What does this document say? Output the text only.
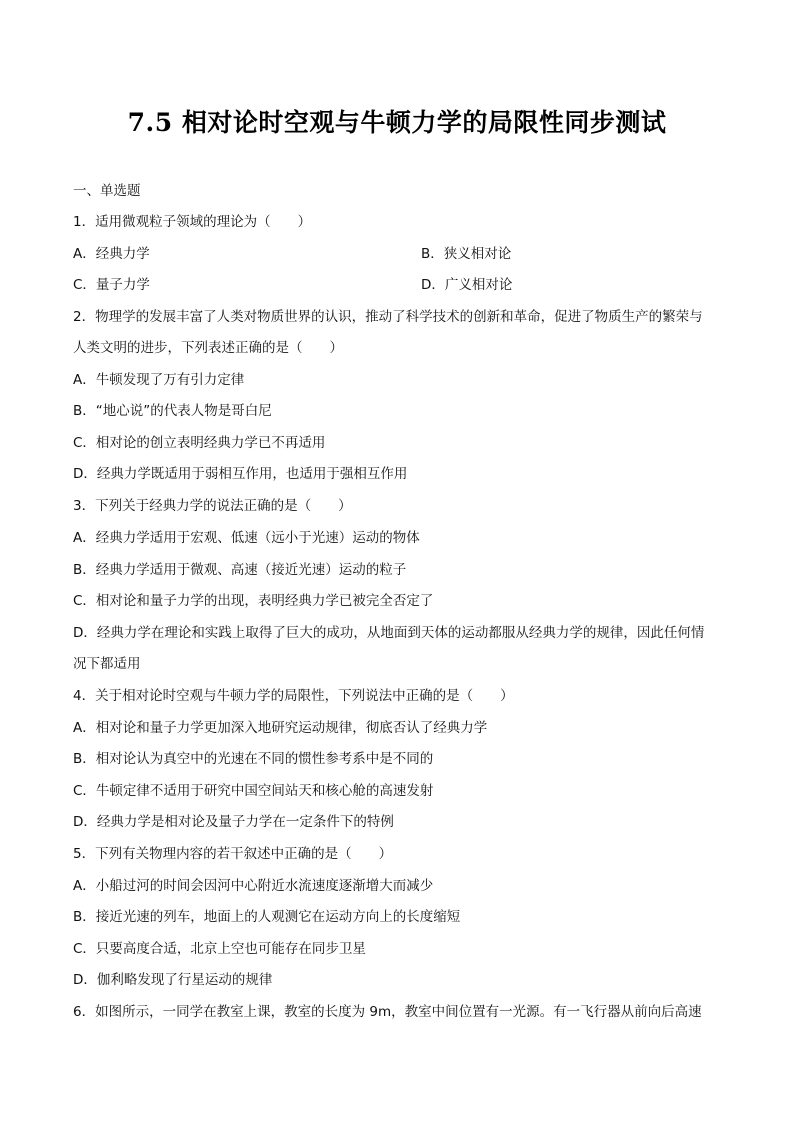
7.5 相对论时空观与牛顿力学的局限性同步测试
一、单选题
1．适用微观粒子领域的理论为（　　）
A．经典力学	B．狭义相对论
C．量子力学	D．广义相对论
2．物理学的发展丰富了人类对物质世界的认识，推动了科学技术的创新和革命，促进了物质生产的繁荣与
人类文明的进步，下列表述正确的是（　　）
A．牛顿发现了万有引力定律
B．“地心说”的代表人物是哥白尼
C．相对论的创立表明经典力学已不再适用
D．经典力学既适用于弱相互作用，也适用于强相互作用
3．下列关于经典力学的说法正确的是（　　）
A．经典力学适用于宏观、低速（远小于光速）运动的物体
B．经典力学适用于微观、高速（接近光速）运动的粒子
C．相对论和量子力学的出现，表明经典力学已被完全否定了
D．经典力学在理论和实践上取得了巨大的成功，从地面到天体的运动都服从经典力学的规律，因此任何情
况下都适用
4．关于相对论时空观与牛顿力学的局限性，下列说法中正确的是（　　）
A．相对论和量子力学更加深入地研究运动规律，彻底否认了经典力学
B．相对论认为真空中的光速在不同的惯性参考系中是不同的
C．牛顿定律不适用于研究中国空间站天和核心舱的高速发射
D．经典力学是相对论及量子力学在一定条件下的特例
5．下列有关物理内容的若干叙述中正确的是（　　）
A．小船过河的时间会因河中心附近水流速度逐渐增大而减少
B．接近光速的列车，地面上的人观测它在运动方向上的长度缩短
C．只要高度合适，北京上空也可能存在同步卫星
D．伽利略发现了行星运动的规律
6．如图所示，一同学在教室上课，教室的长度为 9m，教室中间位置有一光源。有一飞行器从前向后高速
